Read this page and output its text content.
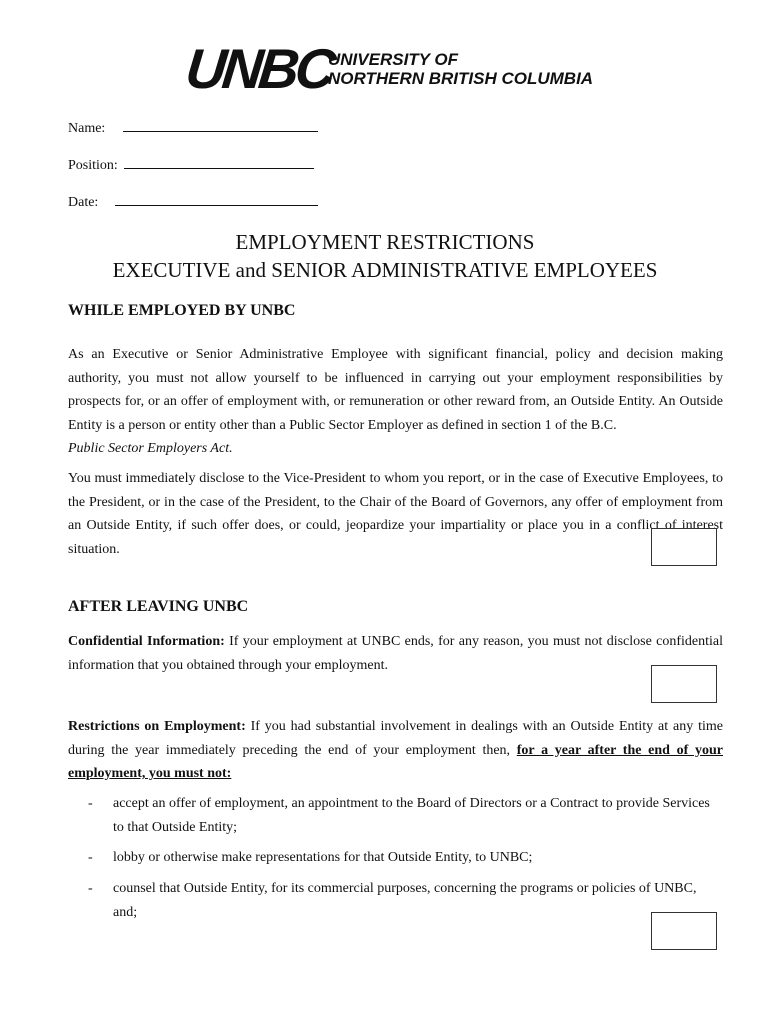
UNBC
UNIVERSITY OF
NORTHERN BRITISH COLUMBIA
Name:
Position:
Date:
EMPLOYMENT RESTRICTIONS
EXECUTIVE and SENIOR ADMINISTRATIVE EMPLOYEES
WHILE EMPLOYED BY UNBC
As an Executive or Senior Administrative Employee with significant financial, policy and decision making authority, you must not allow yourself to be influenced in carrying out your employment responsibilities by prospects for, or an offer of employment with, or remuneration or other reward from, an Outside Entity. An Outside Entity is a person or entity other than a Public Sector Employer as defined in section 1 of the B.C.
Public Sector Employers Act.
You must immediately disclose to the Vice-President to whom you report, or in the case of Executive Employees, to the President, or in the case of the President, to the Chair of the Board of Governors, any offer of employment from an Outside Entity, if such offer does, or could, jeopardize your impartiality or place you in a conflict of interest situation.
AFTER LEAVING UNBC
Confidential Information: If your employment at UNBC ends, for any reason, you must not disclose confidential information that you obtained through your employment.
Restrictions on Employment: If you had substantial involvement in dealings with an Outside Entity at any time during the year immediately preceding the end of your employment then, for a year after the end of your employment, you must not:
- accept an offer of employment, an appointment to the Board of Directors or a Contract to provide Services to that Outside Entity;
- lobby or otherwise make representations for that Outside Entity, to UNBC;
- counsel that Outside Entity, for its commercial purposes, concerning the programs or policies of UNBC, and;
